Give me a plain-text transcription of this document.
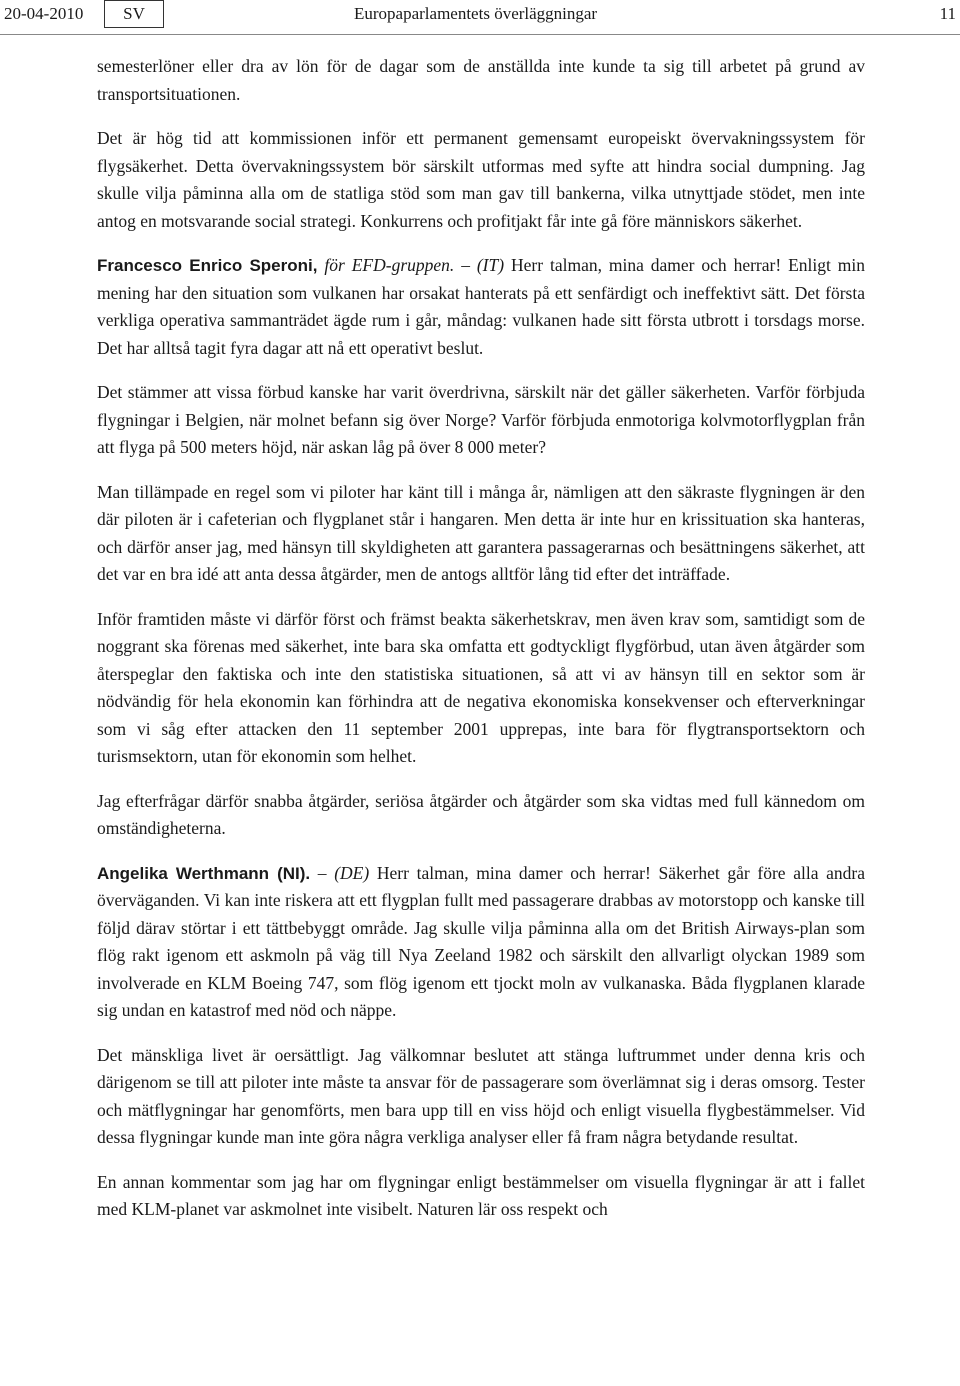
20-04-2010	SV	Europaparlamentets överläggningar	11

semesterlöner eller dra av lön för de dagar som de anställda inte kunde ta sig till arbetet på grund av transportsituationen.

Det är hög tid att kommissionen inför ett permanent gemensamt europeiskt övervakningssystem för flygsäkerhet. Detta övervakningssystem bör särskilt utformas med syfte att hindra social dumpning. Jag skulle vilja påminna alla om de statliga stöd som man gav till bankerna, vilka utnyttjade stödet, men inte antog en motsvarande social strategi. Konkurrens och profitjakt får inte gå före människors säkerhet.

Francesco Enrico Speroni, för EFD-gruppen. – (IT) Herr talman, mina damer och herrar! Enligt min mening har den situation som vulkanen har orsakat hanterats på ett senfärdigt och ineffektivt sätt. Det första verkliga operativa sammanträdet ägde rum i går, måndag: vulkanen hade sitt första utbrott i torsdags morse. Det har alltså tagit fyra dagar att nå ett operativt beslut.

Det stämmer att vissa förbud kanske har varit överdrivna, särskilt när det gäller säkerheten. Varför förbjuda flygningar i Belgien, när molnet befann sig över Norge? Varför förbjuda enmotoriga kolvmotorflygplan från att flyga på 500 meters höjd, när askan låg på över 8 000 meter?

Man tillämpade en regel som vi piloter har känt till i många år, nämligen att den säkraste flygningen är den där piloten är i cafeterian och flygplanet står i hangaren. Men detta är inte hur en krissituation ska hanteras, och därför anser jag, med hänsyn till skyldigheten att garantera passagerarnas och besättningens säkerhet, att det var en bra idé att anta dessa åtgärder, men de antogs alltför lång tid efter det inträffade.

Inför framtiden måste vi därför först och främst beakta säkerhetskrav, men även krav som, samtidigt som de noggrant ska förenas med säkerhet, inte bara ska omfatta ett godtyckligt flygförbud, utan även åtgärder som återspeglar den faktiska och inte den statistiska situationen, så att vi av hänsyn till en sektor som är nödvändig för hela ekonomin kan förhindra att de negativa ekonomiska konsekvenser och efterverkningar som vi såg efter attacken den 11 september 2001 upprepas, inte bara för flygtransportsektorn och turismsektorn, utan för ekonomin som helhet.

Jag efterfrågar därför snabba åtgärder, seriösa åtgärder och åtgärder som ska vidtas med full kännedom om omständigheterna.

Angelika Werthmann (NI). – (DE) Herr talman, mina damer och herrar! Säkerhet går före alla andra överväganden. Vi kan inte riskera att ett flygplan fullt med passagerare drabbas av motorstopp och kanske till följd därav störtar i ett tättbebyggt område. Jag skulle vilja påminna alla om det British Airways-plan som flög rakt igenom ett askmoln på väg till Nya Zeeland 1982 och särskilt den allvarligt olyckan 1989 som involverade en KLM Boeing 747, som flög igenom ett tjockt moln av vulkanaska. Båda flygplanen klarade sig undan en katastrof med nöd och näppe.

Det mänskliga livet är oersättligt. Jag välkomnar beslutet att stänga luftrummet under denna kris och därigenom se till att piloter inte måste ta ansvar för de passagerare som överlämnat sig i deras omsorg. Tester och mätflygningar har genomförts, men bara upp till en viss höjd och enligt visuella flygbestämmelser. Vid dessa flygningar kunde man inte göra några verkliga analyser eller få fram några betydande resultat.

En annan kommentar som jag har om flygningar enligt bestämmelser om visuella flygningar är att i fallet med KLM-planet var askmolnet inte visibelt. Naturen lär oss respekt och
